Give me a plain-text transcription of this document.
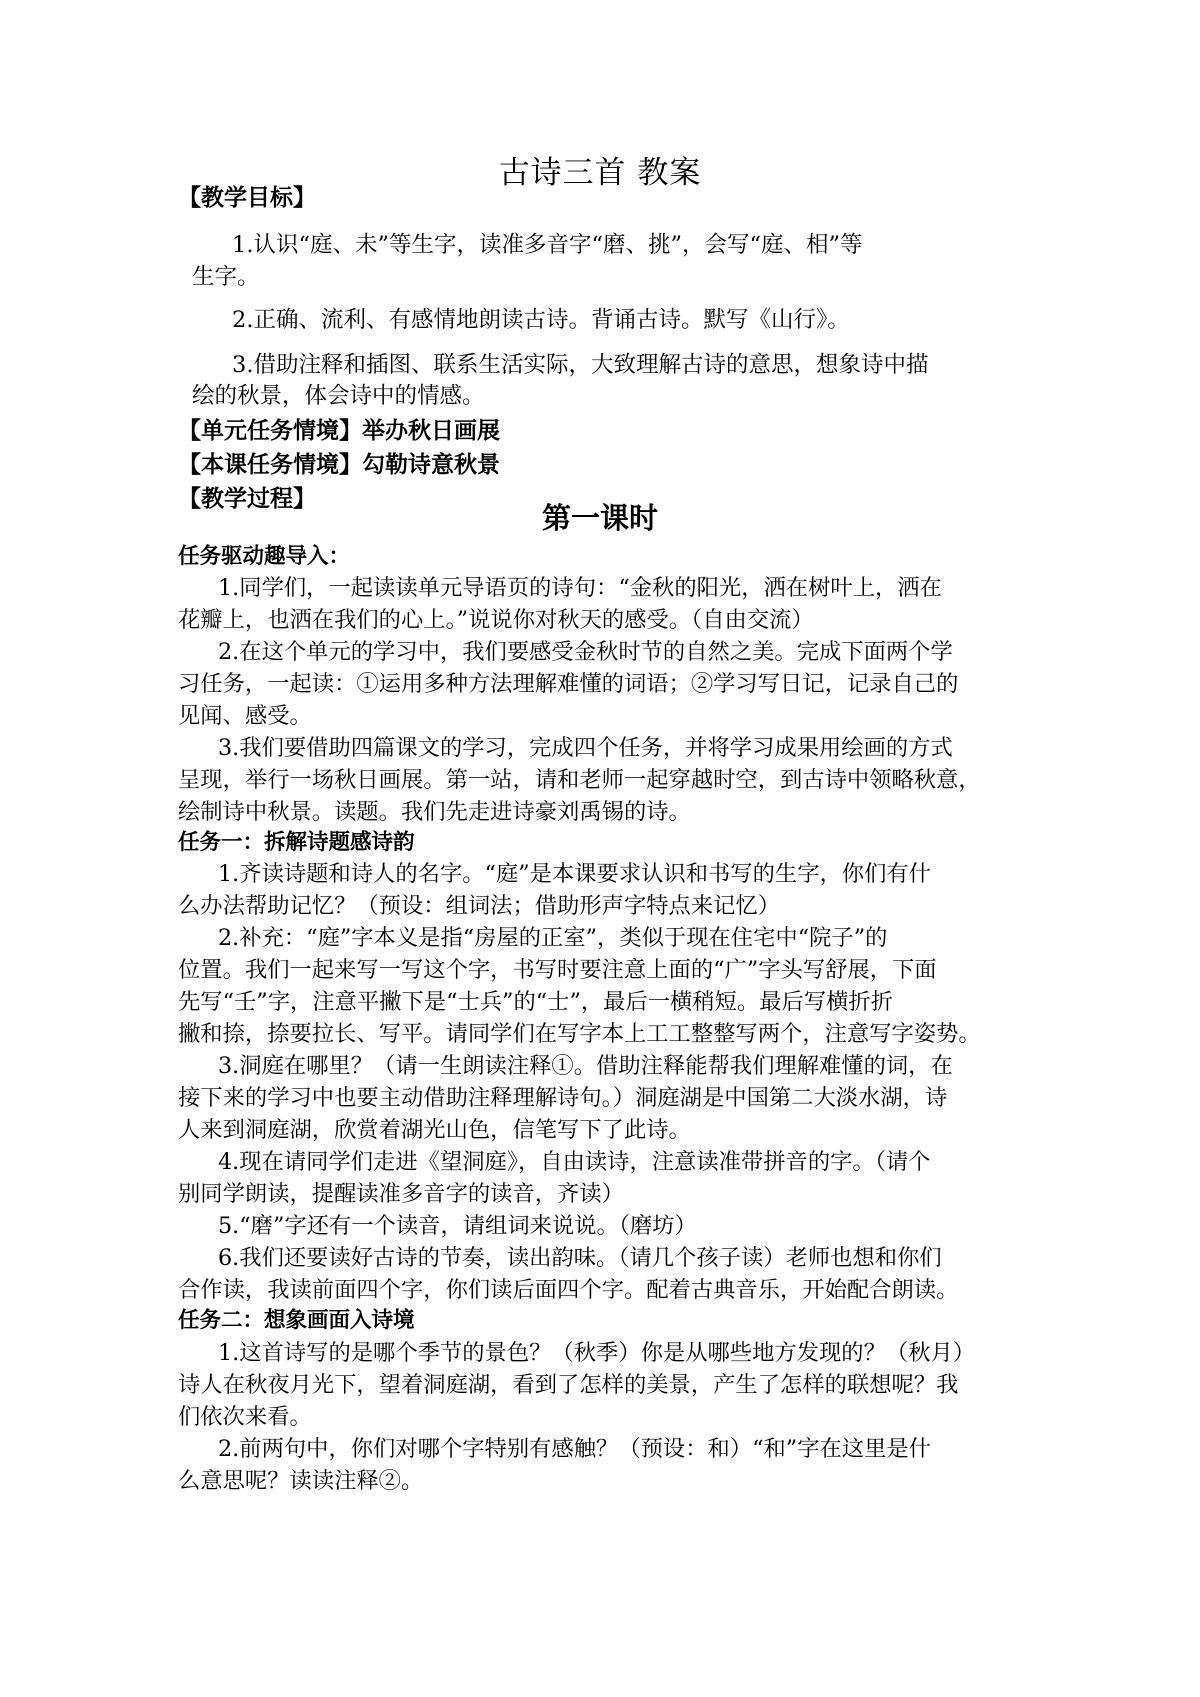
古诗三首 教案
【教学目标】
1.认识“庭、未”等生字，读准多音字“磨、挑”，会写“庭、相”等
生字。
2.正确、流利、有感情地朗读古诗。背诵古诗。默写《山行》。
3.借助注释和插图、联系生活实际，大致理解古诗的意思，想象诗中描
绘的秋景，体会诗中的情感。
【单元任务情境】举办秋日画展
【本课任务情境】勾勒诗意秋景
【教学过程】
第一课时
任务驱动趣导入：
1.同学们，一起读读单元导语页的诗句：“金秋的阳光，洒在树叶上，洒在
花瓣上，也洒在我们的心上。”说说你对秋天的感受。（自由交流）
2.在这个单元的学习中，我们要感受金秋时节的自然之美。完成下面两个学
习任务，一起读：①运用多种方法理解难懂的词语；②学习写日记，记录自己的
见闻、感受。
3.我们要借助四篇课文的学习，完成四个任务，并将学习成果用绘画的方式
呈现，举行一场秋日画展。第一站，请和老师一起穿越时空，到古诗中领略秋意，
绘制诗中秋景。读题。我们先走进诗豪刘禹锡的诗。
任务一：拆解诗题感诗韵
1.齐读诗题和诗人的名字。“庭”是本课要求认识和书写的生字，你们有什
么办法帮助记忆？（预设：组词法；借助形声字特点来记忆）
2.补充：“庭”字本义是指“房屋的正室”，类似于现在住宅中“院子”的
位置。我们一起来写一写这个字，书写时要注意上面的“广”字头写舒展，下面
先写“壬”字，注意平撇下是“士兵”的“士”，最后一横稍短。最后写横折折
撇和捺，捺要拉长、写平。请同学们在写字本上工工整整写两个，注意写字姿势。
3.洞庭在哪里？（请一生朗读注释①。借助注释能帮我们理解难懂的词，在
接下来的学习中也要主动借助注释理解诗句。）洞庭湖是中国第二大淡水湖，诗
人来到洞庭湖，欣赏着湖光山色，信笔写下了此诗。
4.现在请同学们走进《望洞庭》，自由读诗，注意读准带拼音的字。（请个
别同学朗读，提醒读准多音字的读音，齐读）
5.“磨”字还有一个读音，请组词来说说。（磨坊）
6.我们还要读好古诗的节奏，读出韵味。（请几个孩子读）老师也想和你们
合作读，我读前面四个字，你们读后面四个字。配着古典音乐，开始配合朗读。
任务二：想象画面入诗境
1.这首诗写的是哪个季节的景色？（秋季）你是从哪些地方发现的？（秋月）
诗人在秋夜月光下，望着洞庭湖，看到了怎样的美景，产生了怎样的联想呢？我
们依次来看。
2.前两句中，你们对哪个字特别有感触？（预设：和）“和”字在这里是什
么意思呢？读读注释②。
